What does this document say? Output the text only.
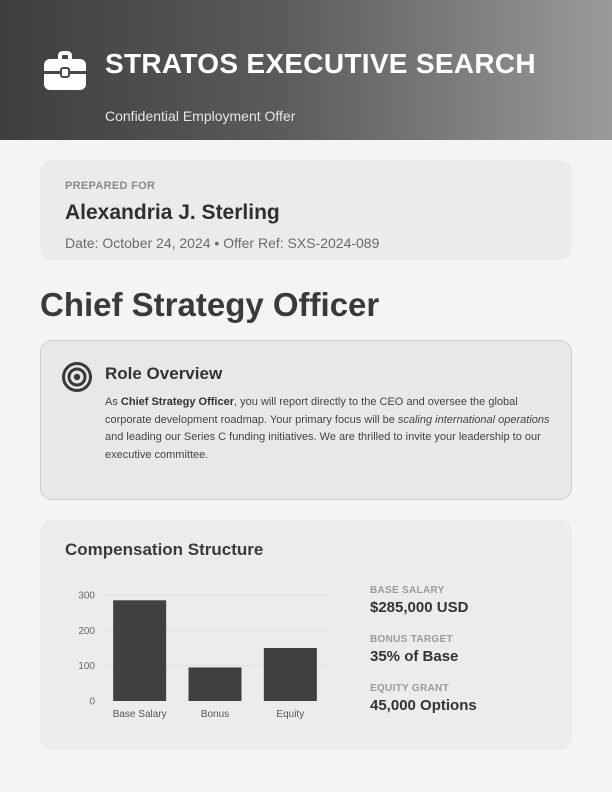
STRATOS EXECUTIVE SEARCH
Confidential Employment Offer
PREPARED FOR
Alexandria J. Sterling
Date: October 24, 2024 • Offer Ref: SXS-2024-089
Chief Strategy Officer
Role Overview
As Chief Strategy Officer, you will report directly to the CEO and oversee the global corporate development roadmap. Your primary focus will be scaling international operations and leading our Series C funding initiatives. We are thrilled to invite your leadership to our executive committee.
Compensation Structure
0
100
200
300
Base Salary	Bonus	Equity
BASE SALARY
$285,000 USD
BONUS TARGET
35% of Base
EQUITY GRANT
45,000 Options
